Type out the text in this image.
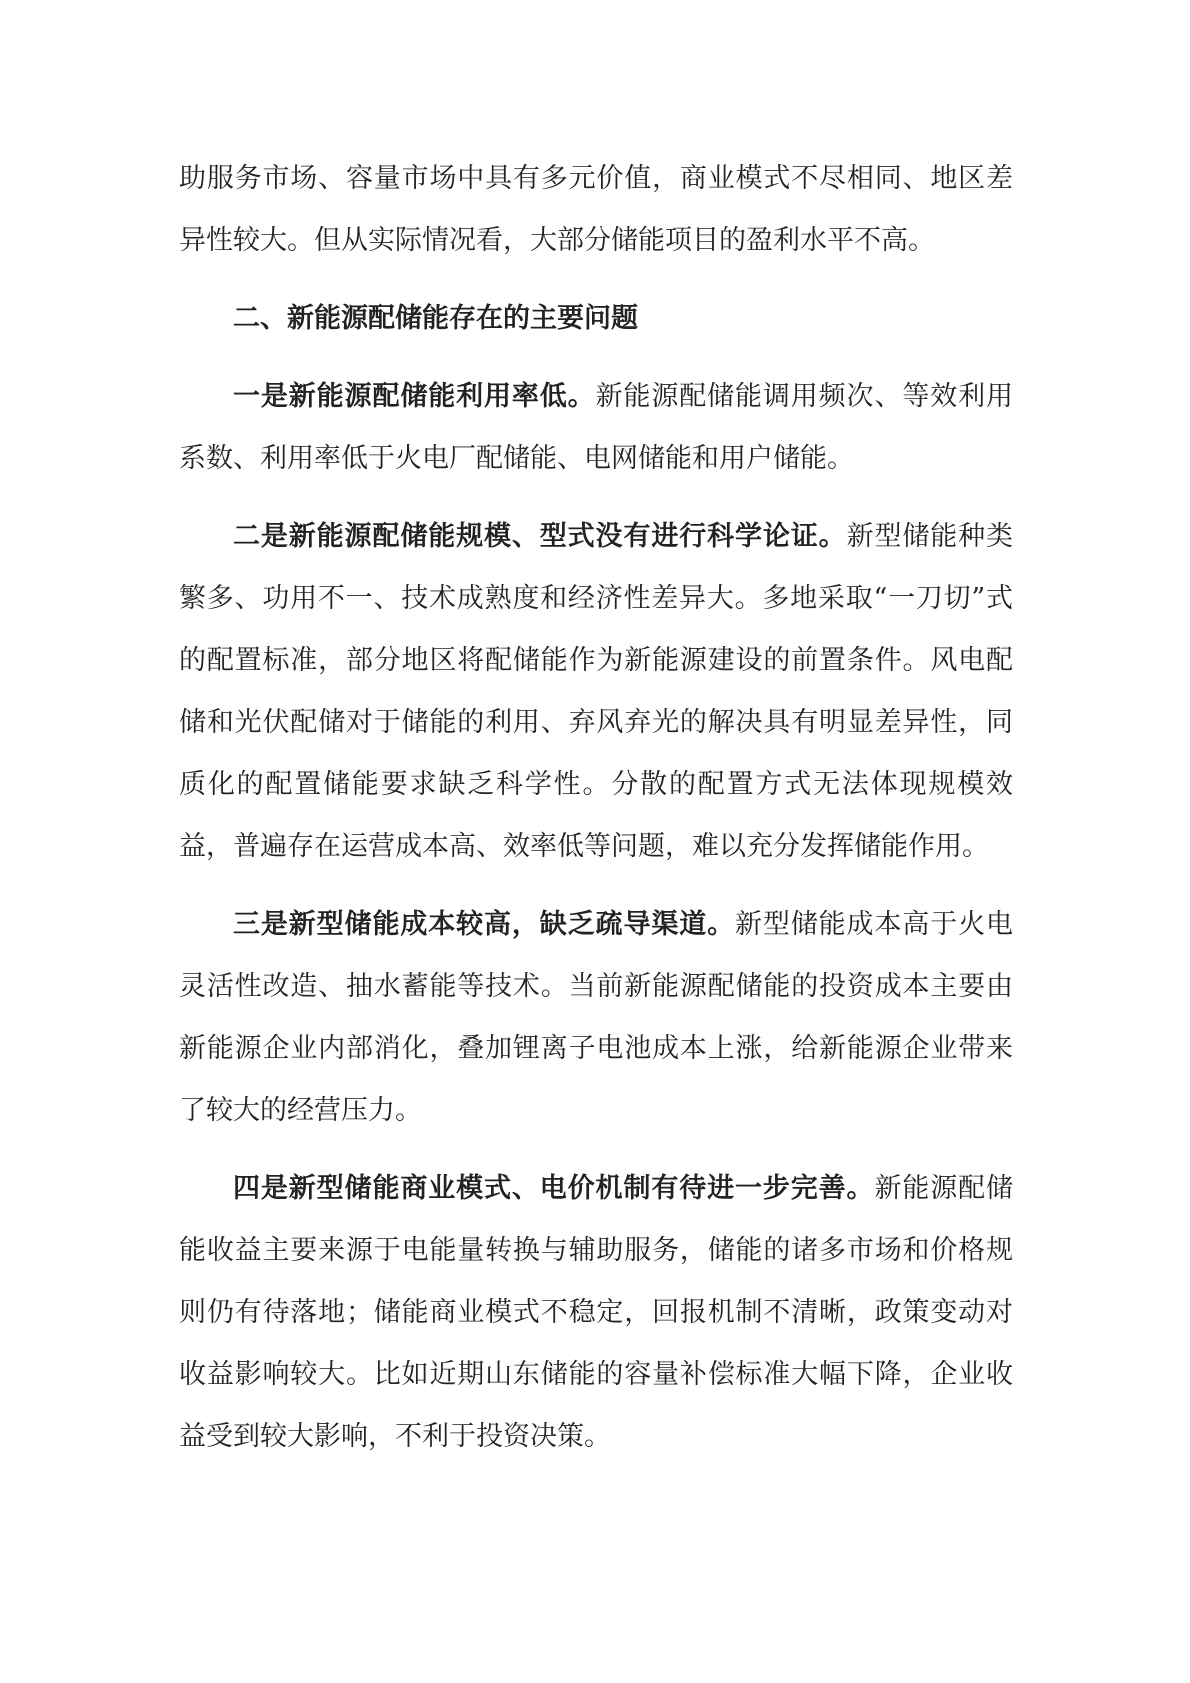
助服务市场、容量市场中具有多元价值，商业模式不尽相同、地区差异性较大。但从实际情况看，大部分储能项目的盈利水平不高。

二、新能源配储能存在的主要问题

一是新能源配储能利用率低。新能源配储能调用频次、等效利用系数、利用率低于火电厂配储能、电网储能和用户储能。

二是新能源配储能规模、型式没有进行科学论证。新型储能种类繁多、功用不一、技术成熟度和经济性差异大。多地采取“一刀切”式的配置标准，部分地区将配储能作为新能源建设的前置条件。风电配储和光伏配储对于储能的利用、弃风弃光的解决具有明显差异性，同质化的配置储能要求缺乏科学性。分散的配置方式无法体现规模效益，普遍存在运营成本高、效率低等问题，难以充分发挥储能作用。

三是新型储能成本较高，缺乏疏导渠道。新型储能成本高于火电灵活性改造、抽水蓄能等技术。当前新能源配储能的投资成本主要由新能源企业内部消化，叠加锂离子电池成本上涨，给新能源企业带来了较大的经营压力。

四是新型储能商业模式、电价机制有待进一步完善。新能源配储能收益主要来源于电能量转换与辅助服务，储能的诸多市场和价格规则仍有待落地；储能商业模式不稳定，回报机制不清晰，政策变动对收益影响较大。比如近期山东储能的容量补偿标准大幅下降，企业收益受到较大影响，不利于投资决策。
